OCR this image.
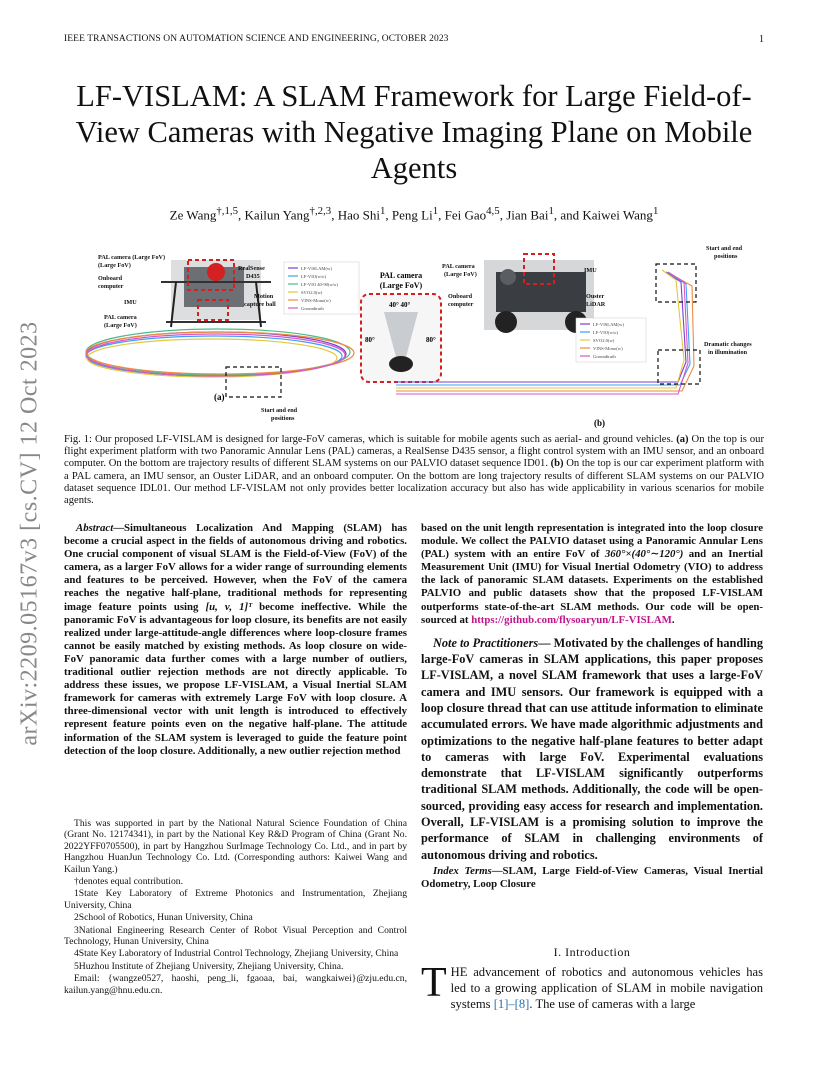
IEEE TRANSACTIONS ON AUTOMATION SCIENCE AND ENGINEERING, OCTOBER 2023	1
LF-VISLAM: A SLAM Framework for Large Field-of-View Cameras with Negative Imaging Plane on Mobile Agents
Ze Wang$^{\dagger,1,5}$, Kailun Yang$^{\dagger,2,3}$, Hao Shi$^1$, Peng Li$^1$, Fei Gao$^{4,5}$, Jian Bai$^1$, and Kaiwei Wang$^1$
arXiv:2209.05167v3 [cs.CV] 12 Oct 2023
PAL camera (Large FoV)
(Large FoV)
Onboard
computer
IMU
PAL camera
(Large FoV)
RealSense
D435
Motion
capture ball
Start and end
positions
LF-VISLAM(w)
LF-VIO(w/o)
LF-VIO 40-90(w/o)
SVO2.0(w)
VINS-Mono(w)
Groundtruth
(a)
PAL camera
(Large FoV)
40° 40°
80°	80°
PAL camera
(Large FoV)
IMU
Onboard
computer
Ouster
LiDAR
Start and end
positions
Dramatic changes
in illumination
LF-VISLAM(w)
LF-VIO(w/o)
SVO2.0(w)
VINS-Mono(w)
Groundtruth
(b)
Fig. 1: Our proposed LF-VISLAM is designed for large-FoV cameras, which is suitable for mobile agents such as aerial- and ground vehicles. (a) On the top is our flight experiment platform with two Panoramic Annular Lens (PAL) cameras, a RealSense D435 sensor, a flight control system with an IMU sensor, and an onboard computer. On the bottom are trajectory results of different SLAM systems on our PALVIO dataset sequence ID01. (b) On the top is our car experiment platform with a PAL camera, an IMU sensor, an Ouster LiDAR, and an onboard computer. On the bottom are long trajectory results of different SLAM systems on our PALVIO dataset sequence IDL01. Our method LF-VISLAM not only provides better localization accuracy but also has wide applicability in various scenarios for mobile agents.
Abstract—Simultaneous Localization And Mapping (SLAM) has become a crucial aspect in the fields of autonomous driving and robotics. One crucial component of visual SLAM is the Field-of-View (FoV) of the camera, as a larger FoV allows for a wider range of surrounding elements and features to be perceived. However, when the FoV of the camera reaches the negative half-plane, traditional methods for representing image feature points using [u, v, 1]ᵀ become ineffective. While the panoramic FoV is advantageous for loop closure, its benefits are not easily realized under large-attitude-angle differences where loop-closure frames cannot be easily matched by existing methods. As loop closure on wide-FoV panoramic data further comes with a large number of outliers, traditional outlier rejection methods are not directly applicable. To address these issues, we propose LF-VISLAM, a Visual Inertial SLAM framework for cameras with extremely Large FoV with loop closure. A three-dimensional vector with unit length is introduced to effectively represent feature points even on the negative half-plane. The attitude information of the SLAM system is leveraged to guide the feature point detection of the loop closure. Additionally, a new outlier rejection method
based on the unit length representation is integrated into the loop closure module. We collect the PALVIO dataset using a Panoramic Annular Lens (PAL) system with an entire FoV of 360°×(40°∼120°) and an Inertial Measurement Unit (IMU) for Visual Inertial Odometry (VIO) to address the lack of panoramic SLAM datasets. Experiments on the established PALVIO and public datasets show that the proposed LF-VISLAM outperforms state-of-the-art SLAM methods. Our code will be open-sourced at https://github.com/flysoaryun/LF-VISLAM.
Note to Practitioners— Motivated by the challenges of handling large-FoV cameras in SLAM applications, this paper proposes LF-VISLAM, a novel SLAM framework that uses a large-FoV camera and IMU sensors. Our framework is equipped with a loop closure thread that can use attitude information to eliminate accumulated errors. We have made algorithmic adjustments and optimizations to the negative half-plane features to better adapt to cameras with large FoV. Experimental evaluations demonstrate that LF-VISLAM significantly outperforms traditional SLAM methods. Additionally, the code will be open-sourced, providing easy access for research and implementation. Overall, LF-VISLAM is a promising solution to improve the performance of SLAM in challenging environments of autonomous driving and robotics.
Index Terms—SLAM, Large Field-of-View Cameras, Visual Inertial Odometry, Loop Closure

This was supported in part by the National Natural Science Foundation of China (Grant No. 12174341), in part by the National Key R&D Program of China (Grant No. 2022YFF0705500), in part by Hangzhou SurImage Technology Co. Ltd., and in part by Hangzhou HuanJun Technology Co. Ltd. (Corresponding authors: Kaiwei Wang and Kailun Yang.)

†denotes equal contribution.

1State Key Laboratory of Extreme Photonics and Instrumentation, Zhejiang University, China

2School of Robotics, Hunan University, China

3National Engineering Research Center of Robot Visual Perception and Control Technology, Hunan University, China

4State Key Laboratory of Industrial Control Technology, Zhejiang University, China

5Huzhou Institute of Zhejiang University, Zhejiang University, China.

Email: {wangze0527, haoshi, peng_li, fgaoaa, bai, wangkaiwei}@zju.edu.cn, kailun.yang@hnu.edu.cn.

I. Introduction
THE advancement of robotics and autonomous vehicles has led to a growing application of SLAM in mobile navigation systems [1]–[8]. The use of cameras with a large
